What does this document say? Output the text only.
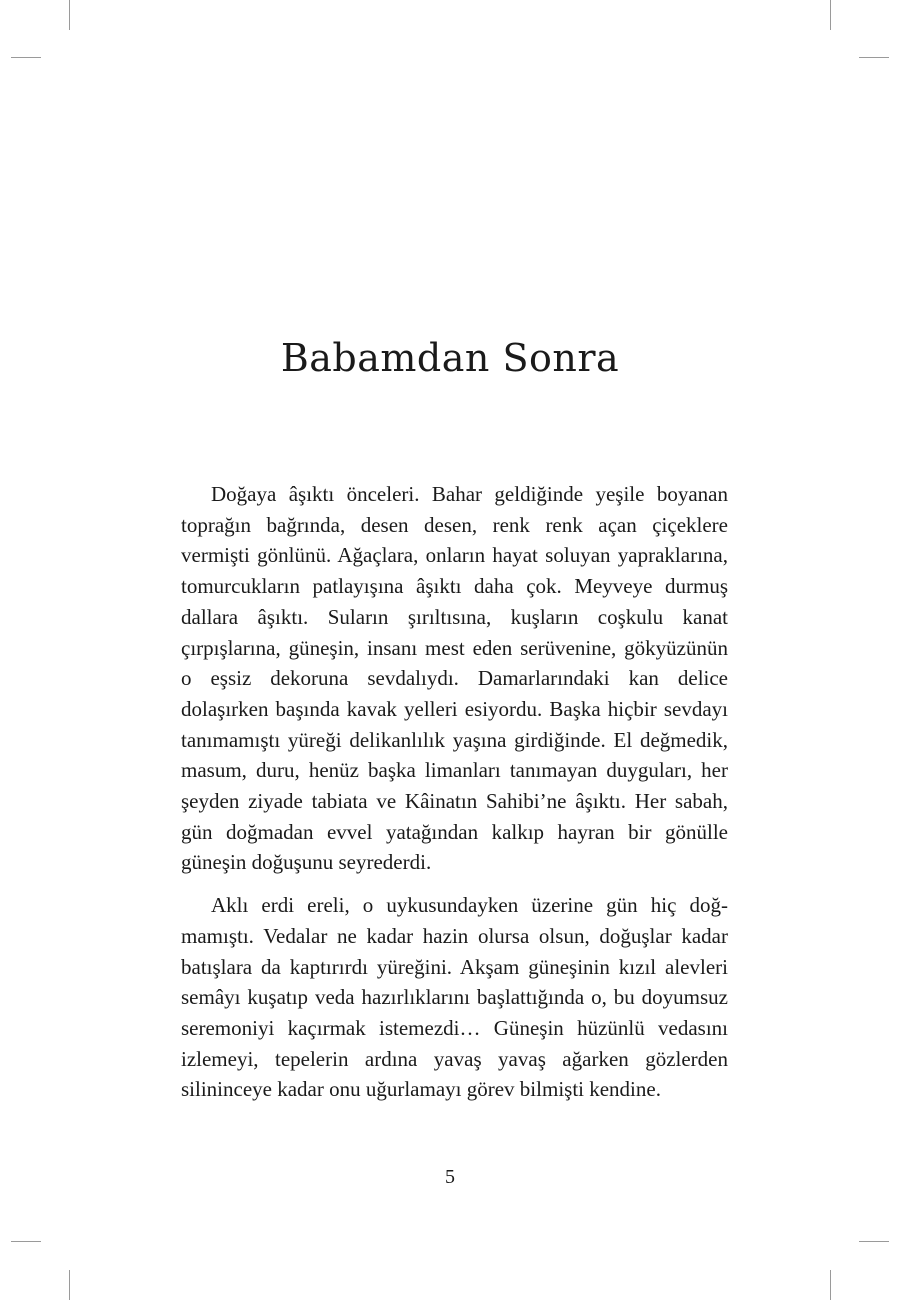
Babamdan Sonra

Doğaya âşıktı önceleri. Bahar geldiğinde yeşile boyanan toprağın bağrında, desen desen, renk renk açan çiçeklere vermişti gönlünü. Ağaçlara, onların hayat soluyan yapraklarına, tomurcukların patlayışına âşıktı daha çok. Meyveye durmuş dallara âşıktı. Suların şırıltısına, kuşların coşkulu kanat çırpışlarına, güneşin, insanı mest eden serüvenine, gökyüzünün o eşsiz dekoruna sevdalıydı. Damarlarındaki kan delice dolaşırken başında kavak yelleri esiyordu. Başka hiçbir sevdayı tanımamıştı yüreği delikanlılık yaşına girdiğinde. El değmedik, masum, duru, henüz başka limanları tanımayan duyguları, her şeyden ziyade tabiata ve Kâinatın Sahibi’ne âşıktı. Her sabah, gün doğmadan evvel yatağından kalkıp hayran bir gönülle güneşin doğuşunu seyrederdi.

Aklı erdi ereli, o uykusundayken üzerine gün hiç doğmamıştı. Vedalar ne kadar hazin olursa olsun, doğuşlar kadar batışlara da kaptırırdı yüreğini. Akşam güneşinin kızıl alevleri semâyı kuşatıp veda hazırlıklarını başlattığında o, bu doyumsuz seremoniyi kaçırmak istemezdi… Güneşin hüzünlü vedasını izlemeyi, tepelerin ardına yavaş yavaş ağarken gözlerden silininceye kadar onu uğurlamayı görev bilmişti kendine.

5
